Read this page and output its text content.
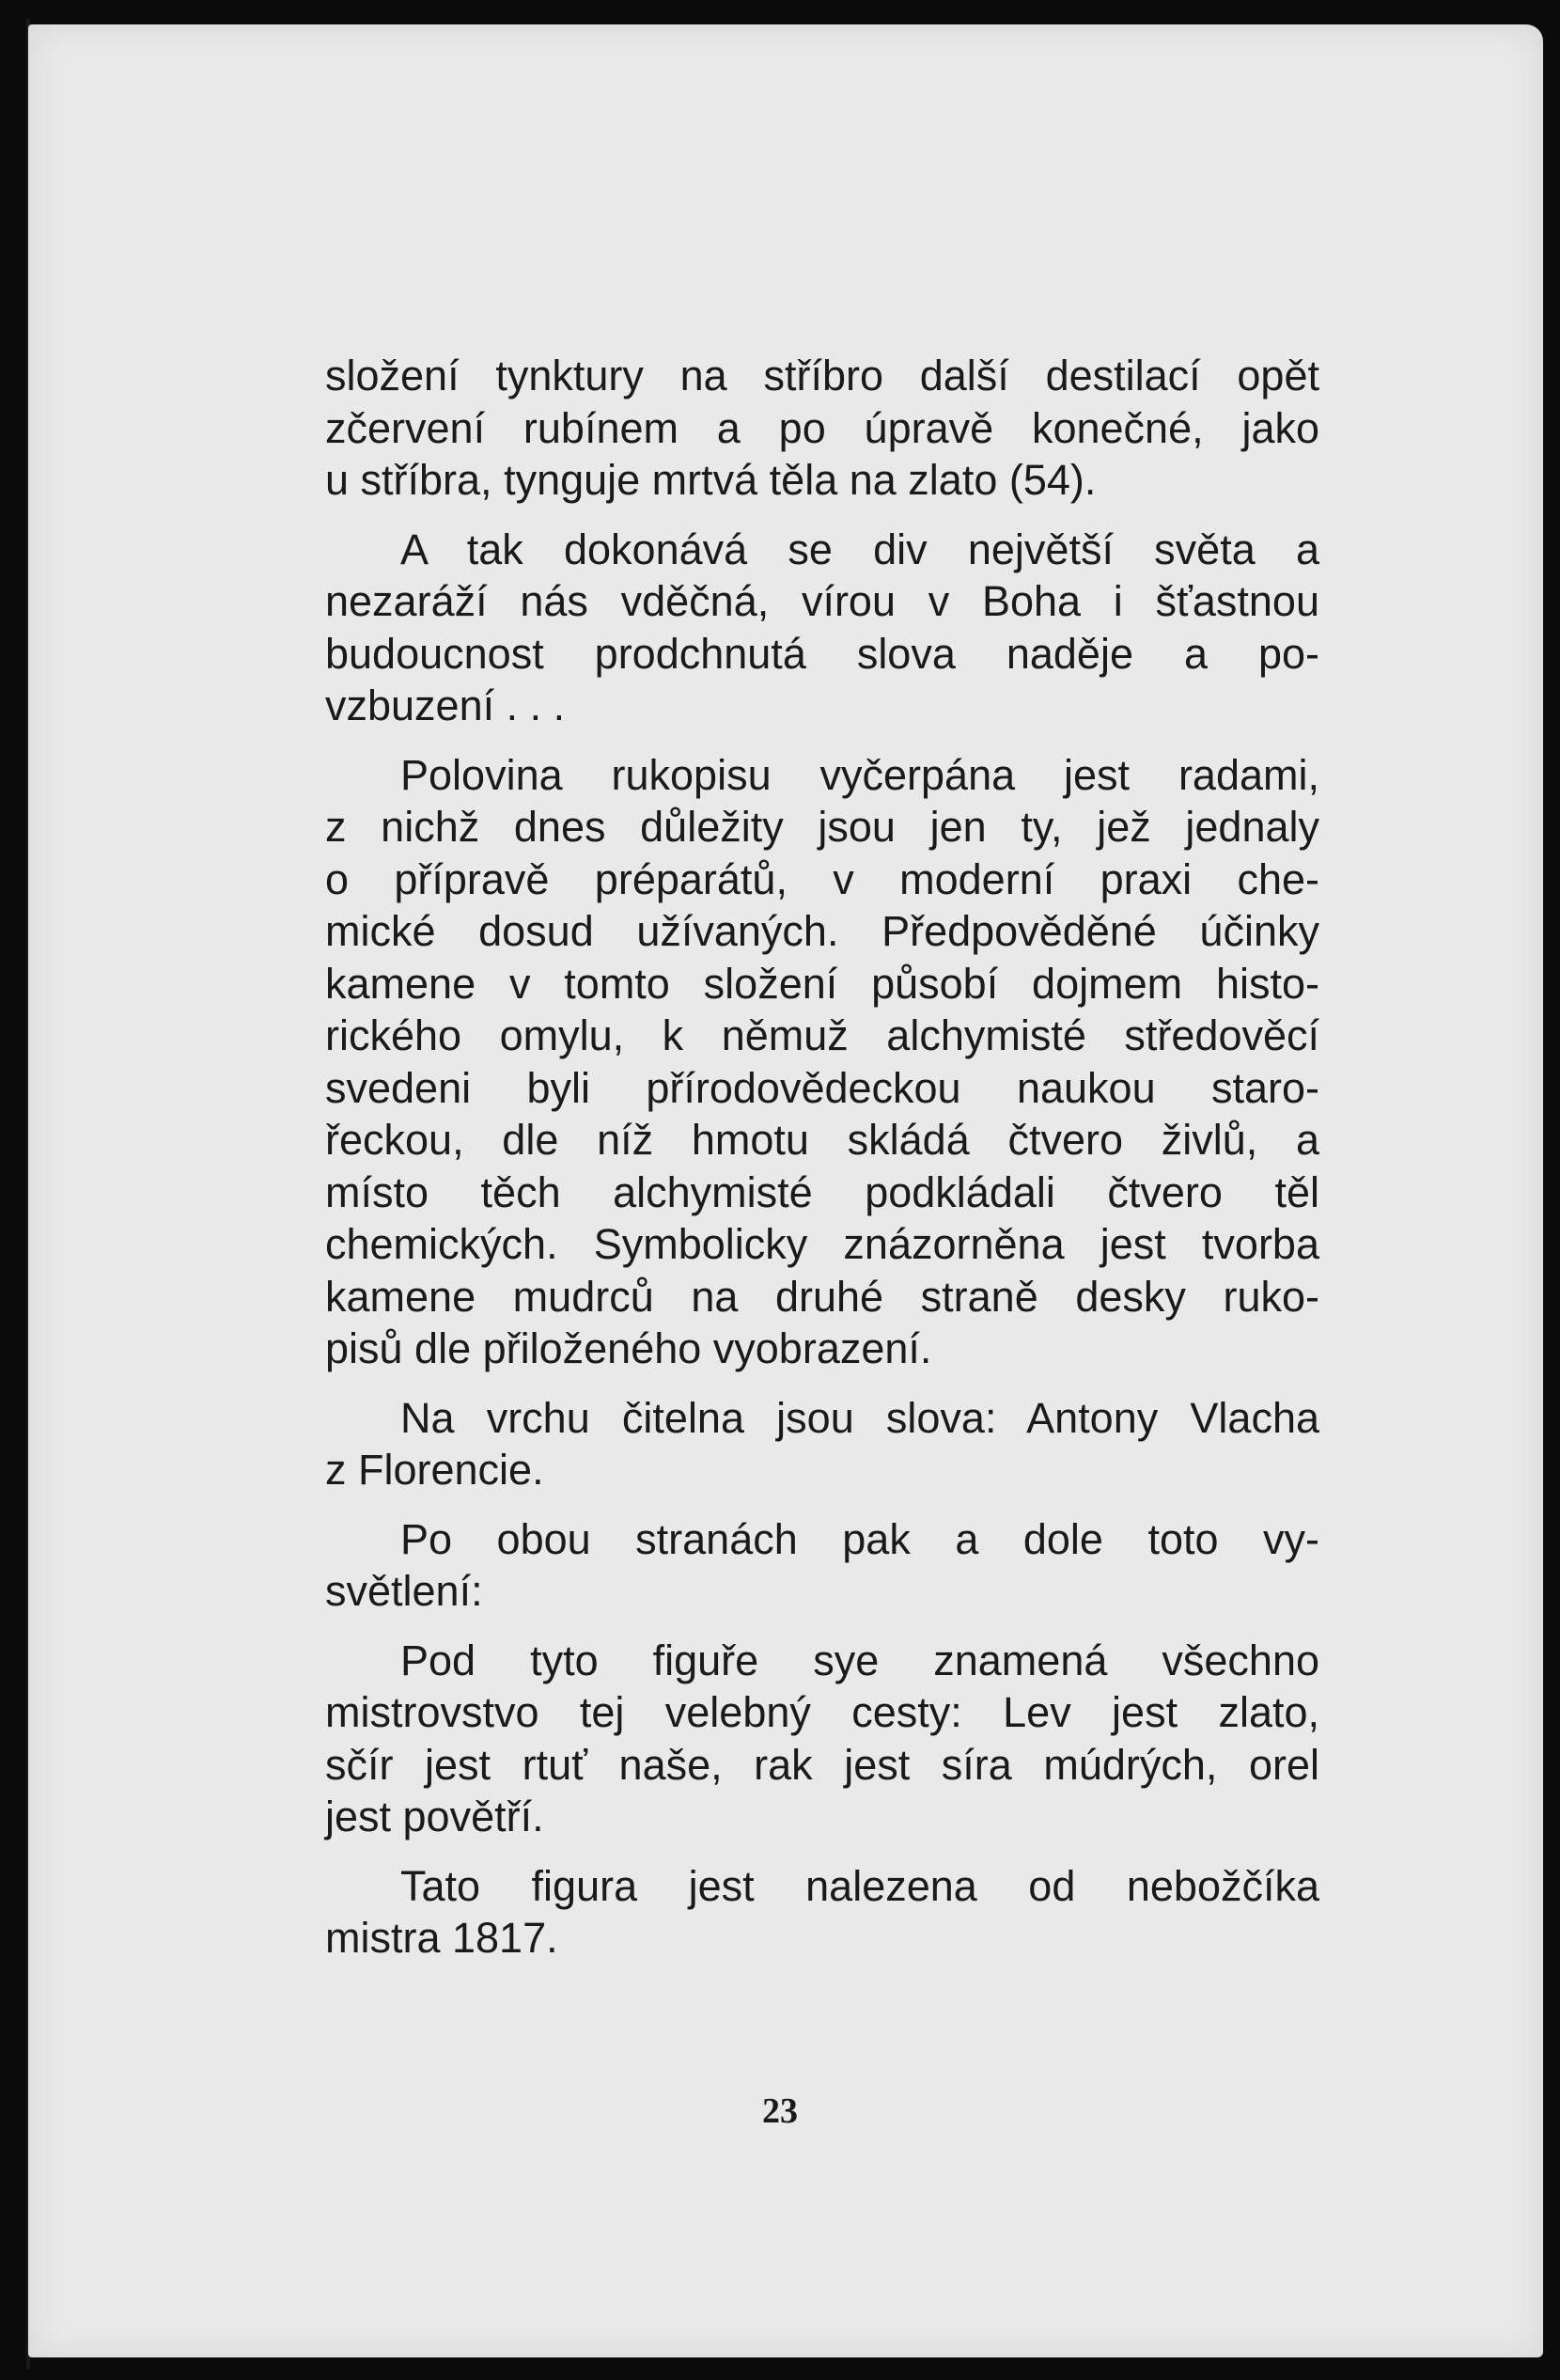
složení tynktury na stříbro další destilací opět
zčervení rubínem a po úpravě konečné, jako
u stříbra, tynguje mrtvá těla na zlato (54).
A tak dokonává se div největší světa a
nezaráží nás vděčná, vírou v Boha i šťastnou
budoucnost prodchnutá slova naděje a po-
vzbuzení . . .
Polovina rukopisu vyčerpána jest radami,
z nichž dnes důležity jsou jen ty, jež jednaly
o přípravě préparátů, v moderní praxi che-
mické dosud užívaných. Předpověděné účinky
kamene v tomto složení působí dojmem histo-
rického omylu, k němuž alchymisté středověcí
svedeni byli přírodovědeckou naukou staro-
řeckou, dle níž hmotu skládá čtvero živlů, a
místo těch alchymisté podkládali čtvero těl
chemických. Symbolicky znázorněna jest tvorba
kamene mudrců na druhé straně desky ruko-
pisů dle přiloženého vyobrazení.
Na vrchu čitelna jsou slova: Antony Vlacha
z Florencie.
Po obou stranách pak a dole toto vy-
světlení:
Pod tyto figuře sye znamená všechno
mistrovstvo tej velebný cesty: Lev jest zlato,
sčír jest rtuť naše, rak jest síra múdrých, orel
jest povětří.
Tato figura jest nalezena od nebožčíka
mistra 1817.
23
